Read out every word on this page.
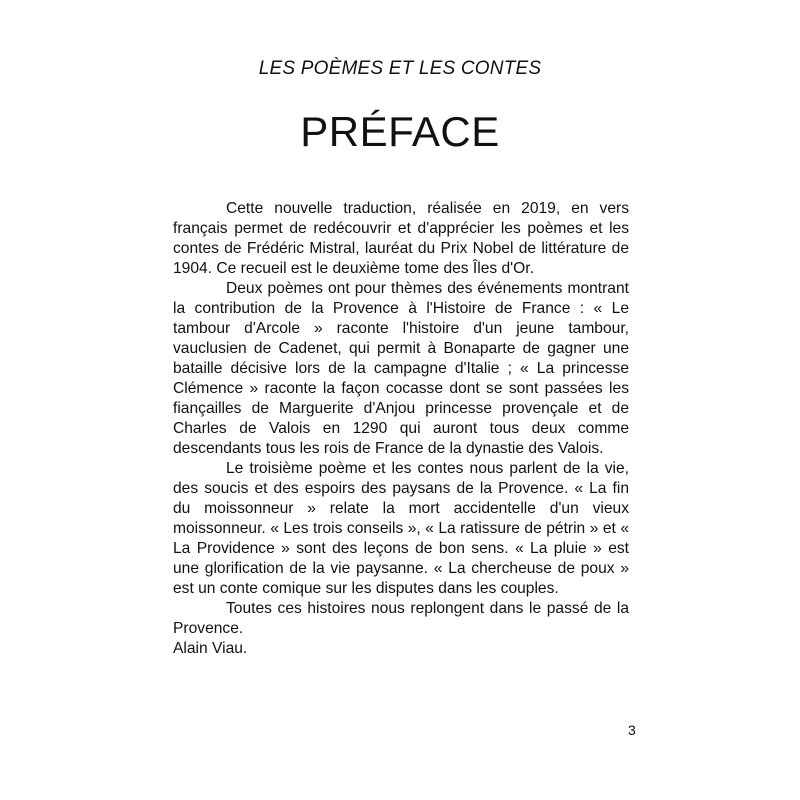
LES POÈMES ET LES CONTES
PRÉFACE

Cette nouvelle traduction, réalisée en 2019, en vers français permet de redécouvrir et d'apprécier les poèmes et les contes de Frédéric Mistral, lauréat du Prix Nobel de littérature de 1904. Ce recueil est le deuxième tome des Îles d'Or.

Deux poèmes ont pour thèmes des événements montrant la contribution de la Provence à l'Histoire de France : « Le tambour d'Arcole » raconte l'histoire d'un jeune tambour, vauclusien de Cadenet, qui permit à Bonaparte de gagner une bataille décisive lors de la campagne d'Italie ; « La princesse Clémence » raconte la façon cocasse dont se sont passées les fiançailles de Marguerite d'Anjou princesse provençale et de Charles de Valois en 1290 qui auront tous deux comme descendants tous les rois de France de la dynastie des Valois.

Le troisième poème et les contes nous parlent de la vie, des soucis et des espoirs des paysans de la Provence. « La fin du moissonneur » relate la mort accidentelle d'un vieux moissonneur. « Les trois conseils », « La ratissure de pétrin » et « La Providence » sont des leçons de bon sens. « La pluie » est une glorification de la vie paysanne. « La chercheuse de poux » est un conte comique sur les disputes dans les couples.

Toutes ces histoires nous replongent dans le passé de la Provence.

Alain Viau.

3
